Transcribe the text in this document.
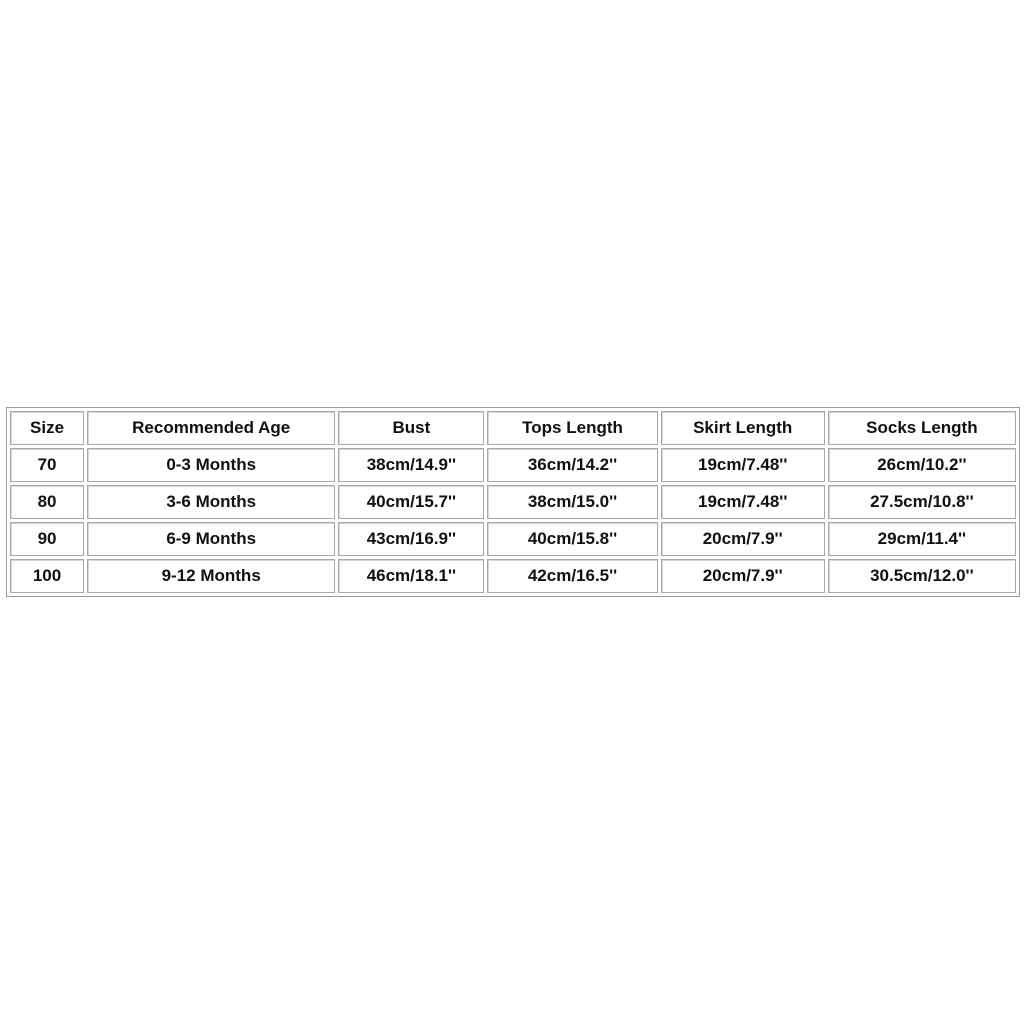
Size	Recommended Age	Bust	Tops Length	Skirt Length	Socks Length
70	0-3 Months	38cm/14.9''	36cm/14.2''	19cm/7.48''	26cm/10.2''
80	3-6 Months	40cm/15.7''	38cm/15.0''	19cm/7.48''	27.5cm/10.8''
90	6-9 Months	43cm/16.9''	40cm/15.8''	20cm/7.9''	29cm/11.4''
100	9-12 Months	46cm/18.1''	42cm/16.5''	20cm/7.9''	30.5cm/12.0''
